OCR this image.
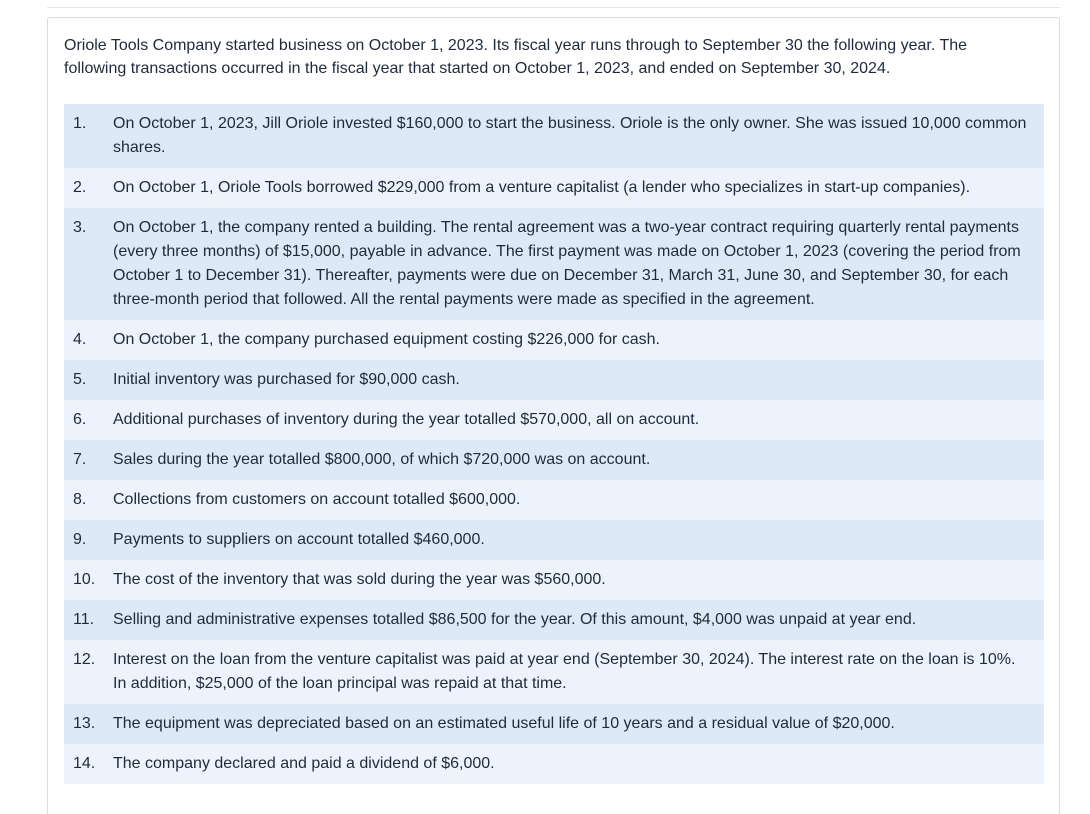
Oriole Tools Company started business on October 1, 2023. Its fiscal year runs through to September 30 the following year. The following transactions occurred in the fiscal year that started on October 1, 2023, and ended on September 30, 2024.
1.	On October 1, 2023, Jill Oriole invested $160,000 to start the business. Oriole is the only owner. She was issued 10,000 common shares.
2.	On October 1, Oriole Tools borrowed $229,000 from a venture capitalist (a lender who specializes in start-up companies).
3.	On October 1, the company rented a building. The rental agreement was a two-year contract requiring quarterly rental payments (every three months) of $15,000, payable in advance. The first payment was made on October 1, 2023 (covering the period from October 1 to December 31). Thereafter, payments were due on December 31, March 31, June 30, and September 30, for each three-month period that followed. All the rental payments were made as specified in the agreement.
4.	On October 1, the company purchased equipment costing $226,000 for cash.
5.	Initial inventory was purchased for $90,000 cash.
6.	Additional purchases of inventory during the year totalled $570,000, all on account.
7.	Sales during the year totalled $800,000, of which $720,000 was on account.
8.	Collections from customers on account totalled $600,000.
9.	Payments to suppliers on account totalled $460,000.
10.	The cost of the inventory that was sold during the year was $560,000.
11.	Selling and administrative expenses totalled $86,500 for the year. Of this amount, $4,000 was unpaid at year end.
12.	Interest on the loan from the venture capitalist was paid at year end (September 30, 2024). The interest rate on the loan is 10%. In addition, $25,000 of the loan principal was repaid at that time.
13.	The equipment was depreciated based on an estimated useful life of 10 years and a residual value of $20,000.
14.	The company declared and paid a dividend of $6,000.
